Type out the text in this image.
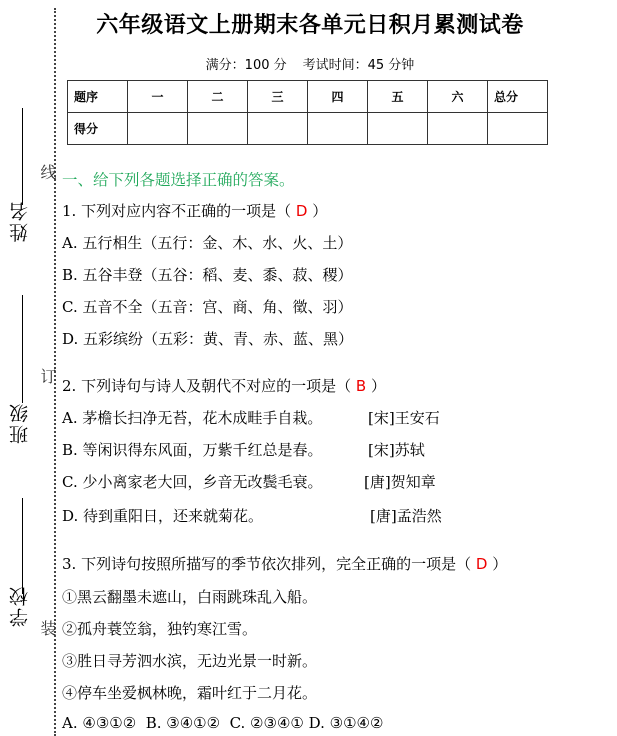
姓名
班级
学校
线
订
装
六年级语文上册期末各单元日积月累测试卷
满分：100 分 考试时间：45 分钟
题序	一	二	三	四	五	六	总分
得分							
一、给下列各题选择正确的答案。
1. 下列对应内容不正确的一项是（ D ）
A. 五行相生（五行：金、木、水、火、土）
B. 五谷丰登（五谷：稻、麦、黍、菽、稷）
C. 五音不全（五音：宫、商、角、徵、羽）
D. 五彩缤纷（五彩：黄、青、赤、蓝、黑）
2. 下列诗句与诗人及朝代不对应的一项是（ B ）
A. 茅檐长扫净无苔，花木成畦手自栽。	[宋]王安石
B. 等闲识得东风面，万紫千红总是春。	[宋]苏轼
C. 少小离家老大回，乡音无改鬓毛衰。	[唐]贺知章
D. 待到重阳日，还来就菊花。	[唐]孟浩然
3. 下列诗句按照所描写的季节依次排列，完全正确的一项是（ D ）
①黑云翻墨未遮山，白雨跳珠乱入船。
②孤舟蓑笠翁，独钓寒江雪。
③胜日寻芳泗水滨，无边光景一时新。
④停车坐爱枫林晚，霜叶红于二月花。
A. ④③①②  B. ③④①②  C. ②③④① D. ③①④②
